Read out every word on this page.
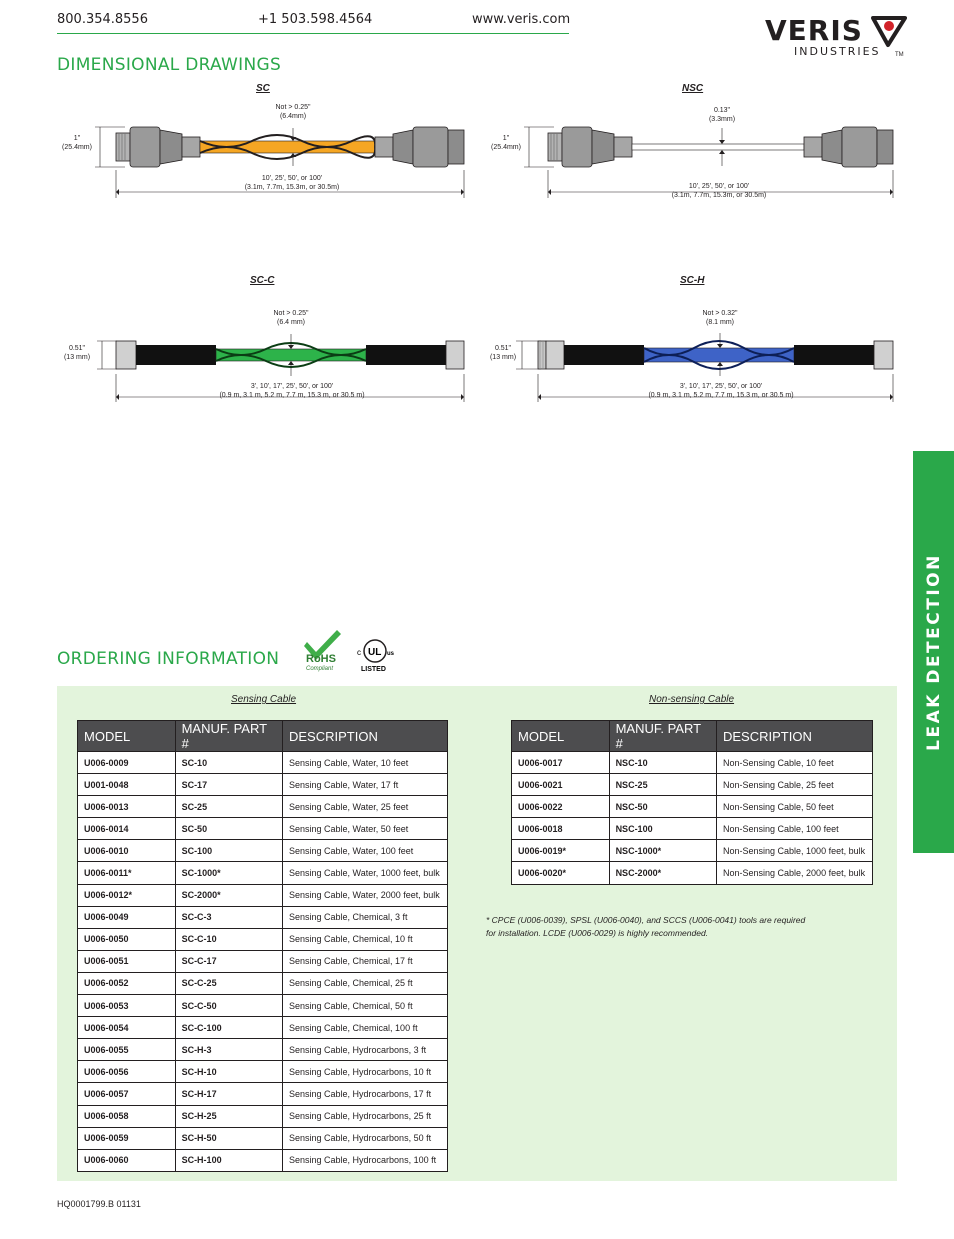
800.354.8556	+1 503.598.4564	www.veris.com	VERIS
INDUSTRIES TM
LEAK DETECTION
DIMENSIONAL DRAWINGS
SC
1"
(25.4mm)
Not > 0.25"
(6.4mm)
10', 25', 50', or 100'
(3.1m, 7.7m, 15.3m, or 30.5m)
NSC
1"
(25.4mm)
0.13"
(3.3mm)
10', 25', 50', or 100'
(3.1m, 7.7m, 15.3m, or 30.5m)
SC-C
0.51"
(13 mm)
Not > 0.25"
(6.4 mm)
3', 10', 17', 25', 50', or 100'
(0.9 m, 3.1 m, 5.2 m, 7.7 m, 15.3 m, or 30.5 m)
SC-H
0.51"
(13 mm)
Not > 0.32"
(8.1 mm)
3', 10', 17', 25', 50', or 100'
(0.9 m, 3.1 m, 5.2 m, 7.7 m, 15.3 m, or 30.5 m)
ORDERING INFORMATION RoHS
Compliant
c UL us
LISTED
Sensing Cable	Non-sensing Cable
MODEL	MANUF. PART #	DESCRIPTION
U006-0009	SC-10	Sensing Cable, Water, 10 feet
U001-0048	SC-17	Sensing Cable, Water, 17 ft
U006-0013	SC-25	Sensing Cable, Water, 25 feet
U006-0014	SC-50	Sensing Cable, Water, 50 feet
U006-0010	SC-100	Sensing Cable, Water, 100 feet
U006-0011*	SC-1000*	Sensing Cable, Water, 1000 feet, bulk
U006-0012*	SC-2000*	Sensing Cable, Water, 2000 feet, bulk
U006-0049	SC-C-3	Sensing Cable, Chemical, 3 ft
U006-0050	SC-C-10	Sensing Cable, Chemical, 10 ft
U006-0051	SC-C-17	Sensing Cable, Chemical, 17 ft
U006-0052	SC-C-25	Sensing Cable, Chemical, 25 ft
U006-0053	SC-C-50	Sensing Cable, Chemical, 50 ft
U006-0054	SC-C-100	Sensing Cable, Chemical, 100 ft
U006-0055	SC-H-3	Sensing Cable, Hydrocarbons, 3 ft
U006-0056	SC-H-10	Sensing Cable, Hydrocarbons, 10 ft
U006-0057	SC-H-17	Sensing Cable, Hydrocarbons, 17 ft
U006-0058	SC-H-25	Sensing Cable, Hydrocarbons, 25 ft
U006-0059	SC-H-50	Sensing Cable, Hydrocarbons, 50 ft
U006-0060	SC-H-100	Sensing Cable, Hydrocarbons, 100 ft
MODEL	MANUF. PART #	DESCRIPTION
U006-0017	NSC-10	Non-Sensing Cable, 10 feet
U006-0021	NSC-25	Non-Sensing Cable, 25 feet
U006-0022	NSC-50	Non-Sensing Cable, 50 feet
U006-0018	NSC-100	Non-Sensing Cable, 100 feet
U006-0019*	NSC-1000*	Non-Sensing Cable, 1000 feet, bulk
U006-0020*	NSC-2000*	Non-Sensing Cable, 2000 feet, bulk
* CPCE (U006-0039), SPSL (U006-0040), and SCCS (U006-0041) tools are required
for installation. LCDE (U006-0029) is highly recommended.
HQ0001799.B 01131
